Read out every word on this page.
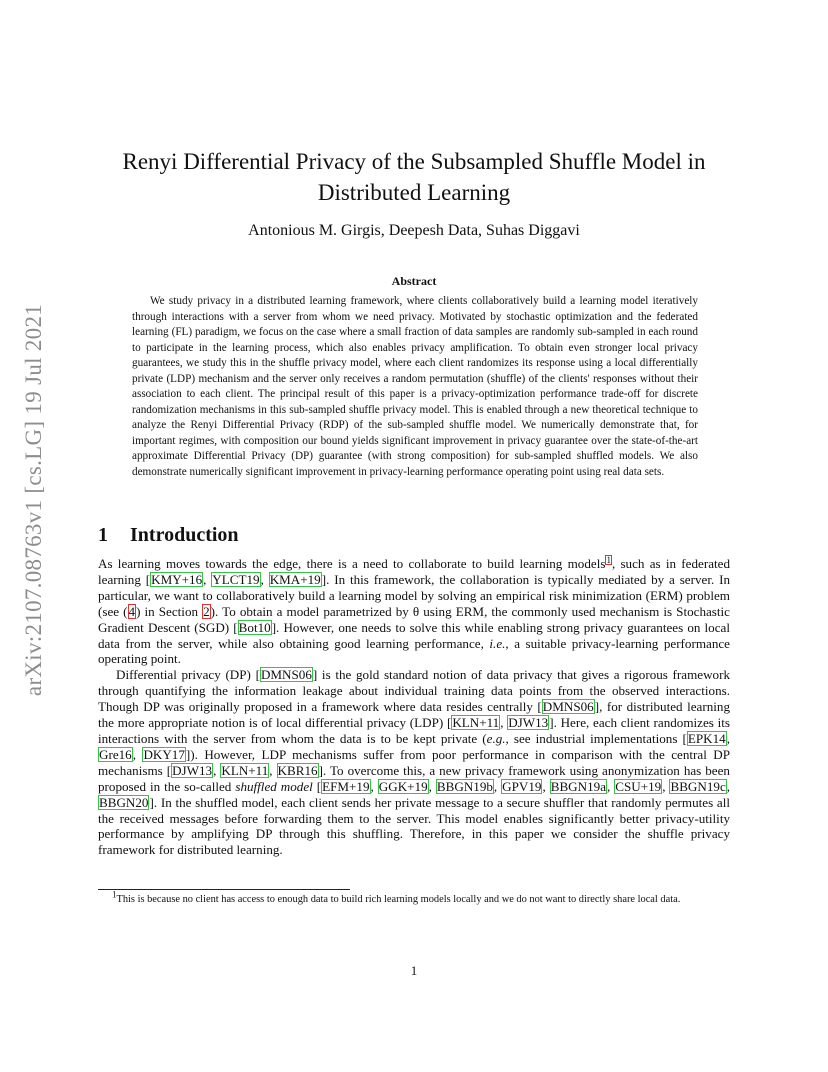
arXiv:2107.08763v1 [cs.LG] 19 Jul 2021
Renyi Differential Privacy of the Subsampled Shuffle Model in
Distributed Learning
Antonious M. Girgis, Deepesh Data, Suhas Diggavi
Abstract

We study privacy in a distributed learning framework, where clients collaboratively build a learning model iteratively through interactions with a server from whom we need privacy. Motivated by stochastic optimization and the federated learning (FL) paradigm, we focus on the case where a small fraction of data samples are randomly sub-sampled in each round to participate in the learning process, which also enables privacy amplification. To obtain even stronger local privacy guarantees, we study this in the shuffle privacy model, where each client randomizes its response using a local differentially private (LDP) mechanism and the server only receives a random permutation (shuffle) of the clients' responses without their association to each client. The principal result of this paper is a privacy-optimization performance trade-off for discrete randomization mechanisms in this sub-sampled shuffle privacy model. This is enabled through a new theoretical technique to analyze the Renyi Differential Privacy (RDP) of the sub-sampled shuffle model. We numerically demonstrate that, for important regimes, with composition our bound yields significant improvement in privacy guarantee over the state-of-the-art approximate Differential Privacy (DP) guarantee (with strong composition) for sub-sampled shuffled models. We also demonstrate numerically significant improvement in privacy-learning performance operating point using real data sets.

1 Introduction

As learning moves towards the edge, there is a need to collaborate to build learning models$^1$, such as in federated learning [KMY+16, YLCT19, KMA+19]. In this framework, the collaboration is typically mediated by a server. In particular, we want to collaboratively build a learning model by solving an empirical risk minimization (ERM) problem (see (4) in Section 2). To obtain a model parametrized by θ using ERM, the commonly used mechanism is Stochastic Gradient Descent (SGD) [Bot10]. However, one needs to solve this while enabling strong privacy guarantees on local data from the server, while also obtaining good learning performance, i.e., a suitable privacy-learning performance operating point.

Differential privacy (DP) [DMNS06] is the gold standard notion of data privacy that gives a rigorous framework through quantifying the information leakage about individual training data points from the observed interactions. Though DP was originally proposed in a framework where data resides centrally [DMNS06], for distributed learning the more appropriate notion is of local differential privacy (LDP) [KLN+11, DJW13]. Here, each client randomizes its interactions with the server from whom the data is to be kept private (e.g., see industrial implementations [EPK14, Gre16, DKY17]). However, LDP mechanisms suffer from poor performance in comparison with the central DP mechanisms [DJW13, KLN+11, KBR16]. To overcome this, a new privacy framework using anonymization has been proposed in the so-called shuffled model [EFM+19, GGK+19, BBGN19b, GPV19, BBGN19a, CSU+19, BBGN19c, BBGN20]. In the shuffled model, each client sends her private message to a secure shuffler that randomly permutes all the received messages before forwarding them to the server. This model enables significantly better privacy-utility performance by amplifying DP through this shuffling. Therefore, in this paper we consider the shuffle privacy framework for distributed learning.

1This is because no client has access to enough data to build rich learning models locally and we do not want to directly share local data.

1
